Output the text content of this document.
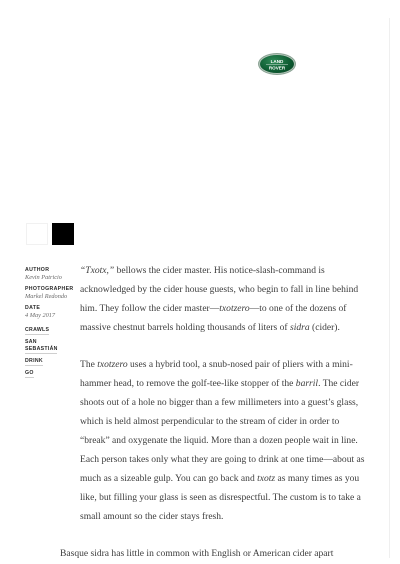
LAND
ROVER
AUTHOR
Kevin Patricio
PHOTOGRAPHER
Markel Redondo
DATE
4 May 2017
CRAWLS
SAN SEBASTIÁN
DRINK
GO

“Txotx,” bellows the cider master. His notice-slash-command is acknowledged by the cider house guests, who begin to fall in line behind him. They follow the cider master—txotzero—to one of the dozens of massive chestnut barrels holding thousands of liters of sidra (cider).

The txotzero uses a hybrid tool, a snub-nosed pair of pliers with a mini-hammer head, to remove the golf-tee-like stopper of the barril. The cider shoots out of a hole no bigger than a few millimeters into a guest’s glass, which is held almost perpendicular to the stream of cider in order to “break” and oxygenate the liquid. More than a dozen people wait in line. Each person takes only what they are going to drink at one time—about as much as a sizeable gulp. You can go back and txotz as many times as you like, but filling your glass is seen as disrespectful. The custom is to take a small amount so the cider stays fresh.

Basque sidra has little in common with English or American cider apart
